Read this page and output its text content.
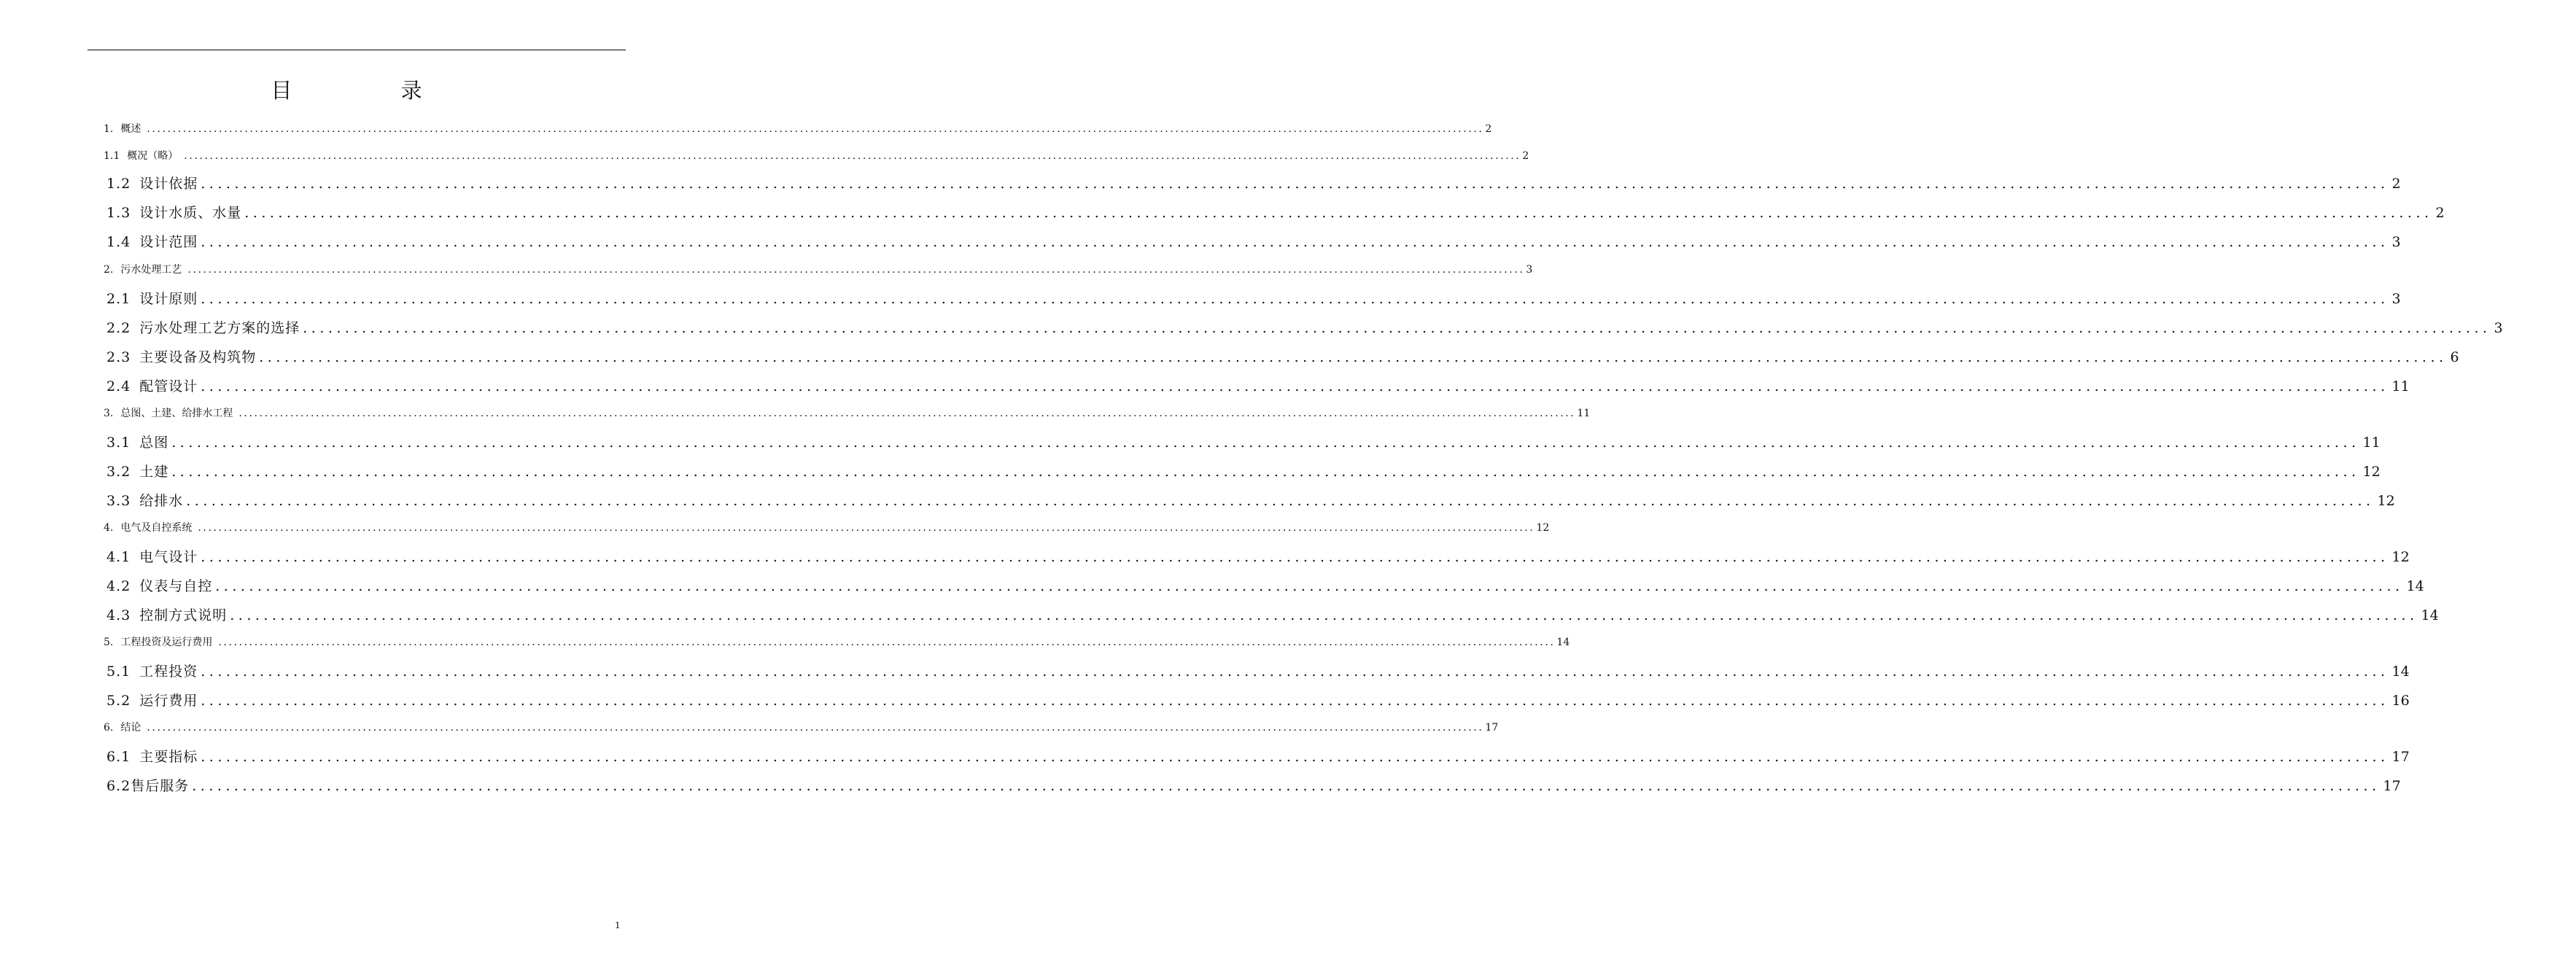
目 录
1. 概述 .................................................................................................................................................................................................................................................................... 2
1.1 概况（略） .................................................................................................................................................................................................................................................................... 2
1.2 设计依据 .................................................................................................................................................................................................................................................................... 2
1.3 设计水质、水量 .................................................................................................................................................................................................................................................................... 2
1.4 设计范围 .................................................................................................................................................................................................................................................................... 3
2. 污水处理工艺 .................................................................................................................................................................................................................................................................... 3
2.1 设计原则 .................................................................................................................................................................................................................................................................... 3
2.2 污水处理工艺方案的选择 .................................................................................................................................................................................................................................................................... 3
2.3 主要设备及构筑物 .................................................................................................................................................................................................................................................................... 6
2.4 配管设计 .................................................................................................................................................................................................................................................................... 11
3. 总图、土建、给排水工程 .................................................................................................................................................................................................................................................................... 11
3.1 总图 .................................................................................................................................................................................................................................................................... 11
3.2 土建 .................................................................................................................................................................................................................................................................... 12
3.3 给排水 .................................................................................................................................................................................................................................................................... 12
4. 电气及自控系统 .................................................................................................................................................................................................................................................................... 12
4.1 电气设计 .................................................................................................................................................................................................................................................................... 12
4.2 仪表与自控 .................................................................................................................................................................................................................................................................... 14
4.3 控制方式说明 .................................................................................................................................................................................................................................................................... 14
5. 工程投资及运行费用 .................................................................................................................................................................................................................................................................... 14
5.1 工程投资 .................................................................................................................................................................................................................................................................... 14
5.2 运行费用 .................................................................................................................................................................................................................................................................... 16
6. 结论 .................................................................................................................................................................................................................................................................... 17
6.1 主要指标 .................................................................................................................................................................................................................................................................... 17
6.2 售后服务 .................................................................................................................................................................................................................................................................... 17
1
